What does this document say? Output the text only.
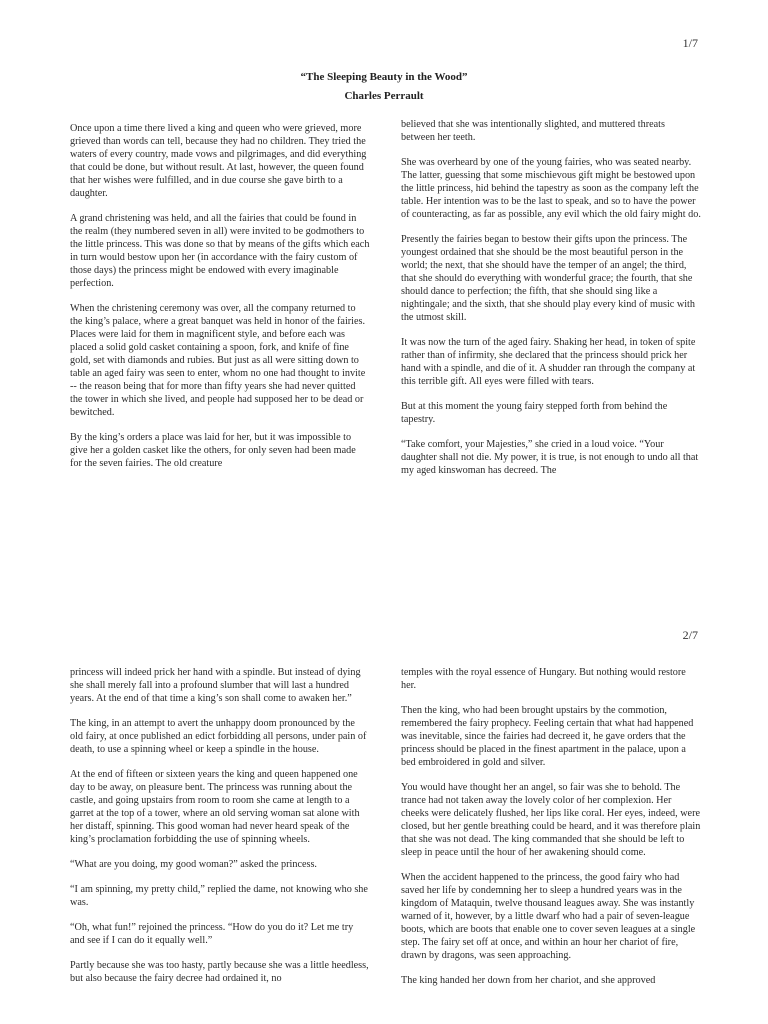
1/7
“The Sleeping Beauty in the Wood”
Charles Perrault

Once upon a time there lived a king and queen who were grieved, more grieved than words can tell, because they had no children. They tried the waters of every country, made vows and pilgrimages, and did everything that could be done, but without result. At last, however, the queen found that her wishes were fulfilled, and in due course she gave birth to a daughter.

A grand christening was held, and all the fairies that could be found in the realm (they numbered seven in all) were invited to be godmothers to the little princess. This was done so that by means of the gifts which each in turn would bestow upon her (in accordance with the fairy custom of those days) the princess might be endowed with every imaginable perfection.

When the christening ceremony was over, all the company returned to the king’s palace, where a great banquet was held in honor of the fairies. Places were laid for them in magnificent style, and before each was placed a solid gold casket containing a spoon, fork, and knife of fine gold, set with diamonds and rubies. But just as all were sitting down to table an aged fairy was seen to enter, whom no one had thought to invite -- the reason being that for more than fifty years she had never quitted the tower in which she lived, and people had supposed her to be dead or bewitched.

By the king’s orders a place was laid for her, but it was impossible to give her a golden casket like the others, for only seven had been made for the seven fairies. The old creature

believed that she was intentionally slighted, and muttered threats between her teeth.

She was overheard by one of the young fairies, who was seated nearby. The latter, guessing that some mischievous gift might be bestowed upon the little princess, hid behind the tapestry as soon as the company left the table. Her intention was to be the last to speak, and so to have the power of counteracting, as far as possible, any evil which the old fairy might do.

Presently the fairies began to bestow their gifts upon the princess. The youngest ordained that she should be the most beautiful person in the world; the next, that she should have the temper of an angel; the third, that she should do everything with wonderful grace; the fourth, that she should dance to perfection; the fifth, that she should sing like a nightingale; and the sixth, that she should play every kind of music with the utmost skill.

It was now the turn of the aged fairy. Shaking her head, in token of spite rather than of infirmity, she declared that the princess should prick her hand with a spindle, and die of it. A shudder ran through the company at this terrible gift. All eyes were filled with tears.

But at this moment the young fairy stepped forth from behind the tapestry.

“Take comfort, your Majesties,” she cried in a loud voice. “Your daughter shall not die. My power, it is true, is not enough to undo all that my aged kinswoman has decreed. The

2/7

princess will indeed prick her hand with a spindle. But instead of dying she shall merely fall into a profound slumber that will last a hundred years. At the end of that time a king’s son shall come to awaken her.”

The king, in an attempt to avert the unhappy doom pronounced by the old fairy, at once published an edict forbidding all persons, under pain of death, to use a spinning wheel or keep a spindle in the house.

At the end of fifteen or sixteen years the king and queen happened one day to be away, on pleasure bent. The princess was running about the castle, and going upstairs from room to room she came at length to a garret at the top of a tower, where an old serving woman sat alone with her distaff, spinning. This good woman had never heard speak of the king’s proclamation forbidding the use of spinning wheels.

“What are you doing, my good woman?” asked the princess.

“I am spinning, my pretty child,” replied the dame, not knowing who she was.

“Oh, what fun!” rejoined the princess. “How do you do it? Let me try and see if I can do it equally well.”

Partly because she was too hasty, partly because she was a little heedless, but also because the fairy decree had ordained it, no

temples with the royal essence of Hungary. But nothing would restore her.

Then the king, who had been brought upstairs by the commotion, remembered the fairy prophecy. Feeling certain that what had happened was inevitable, since the fairies had decreed it, he gave orders that the princess should be placed in the finest apartment in the palace, upon a bed embroidered in gold and silver.

You would have thought her an angel, so fair was she to behold. The trance had not taken away the lovely color of her complexion. Her cheeks were delicately flushed, her lips like coral. Her eyes, indeed, were closed, but her gentle breathing could be heard, and it was therefore plain that she was not dead. The king commanded that she should be left to sleep in peace until the hour of her awakening should come.

When the accident happened to the princess, the good fairy who had saved her life by condemning her to sleep a hundred years was in the kingdom of Mataquin, twelve thousand leagues away. She was instantly warned of it, however, by a little dwarf who had a pair of seven-league boots, which are boots that enable one to cover seven leagues at a single step. The fairy set off at once, and within an hour her chariot of fire, drawn by dragons, was seen approaching.

The king handed her down from her chariot, and she approved
